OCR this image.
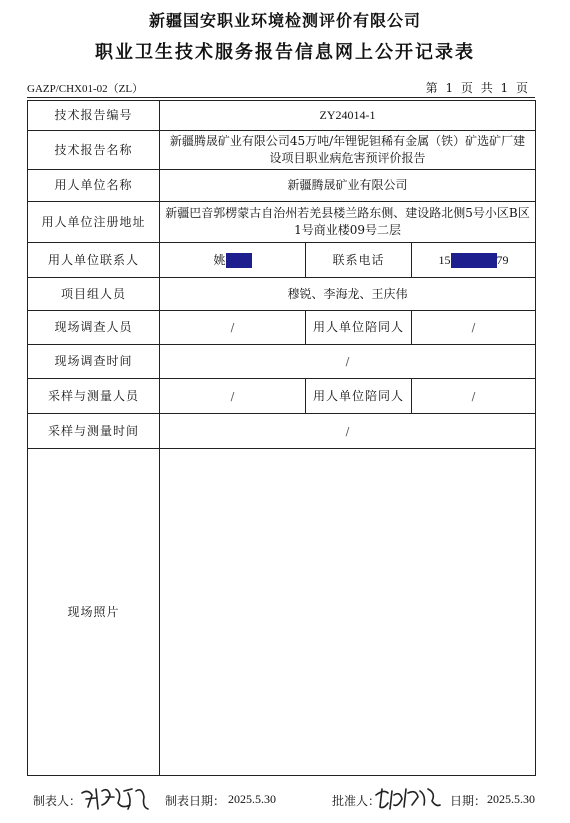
新疆国安职业环境检测评价有限公司
职业卫生技术服务报告信息网上公开记录表
GAZP/CHX01-02（ZL）	第 1 页 共 1 页
技术报告编号	ZY24014-1		
技术报告名称	新疆腾晟矿业有限公司45万吨/年锂铌钽稀有金属（铁）矿选矿厂建设项目职业病危害预评价报告		
用人单位名称	新疆腾晟矿业有限公司		
用人单位注册地址	新疆巴音郭楞蒙古自治州若羌县楼兰路东侧、建设路北侧5号小区B区1号商业楼09号二层		
用人单位联系人	姚	联系电话	15 79
项目组人员	穆锐、李海龙、王庆伟		
现场调查人员	/	用人单位陪同人	/
现场调查时间	/		
采样与测量人员	/	用人单位陪同人	/
采样与测量时间	/		
现场照片			
制表人：	制表日期： 2025.5.30	批准人：	日期： 2025.5.30
